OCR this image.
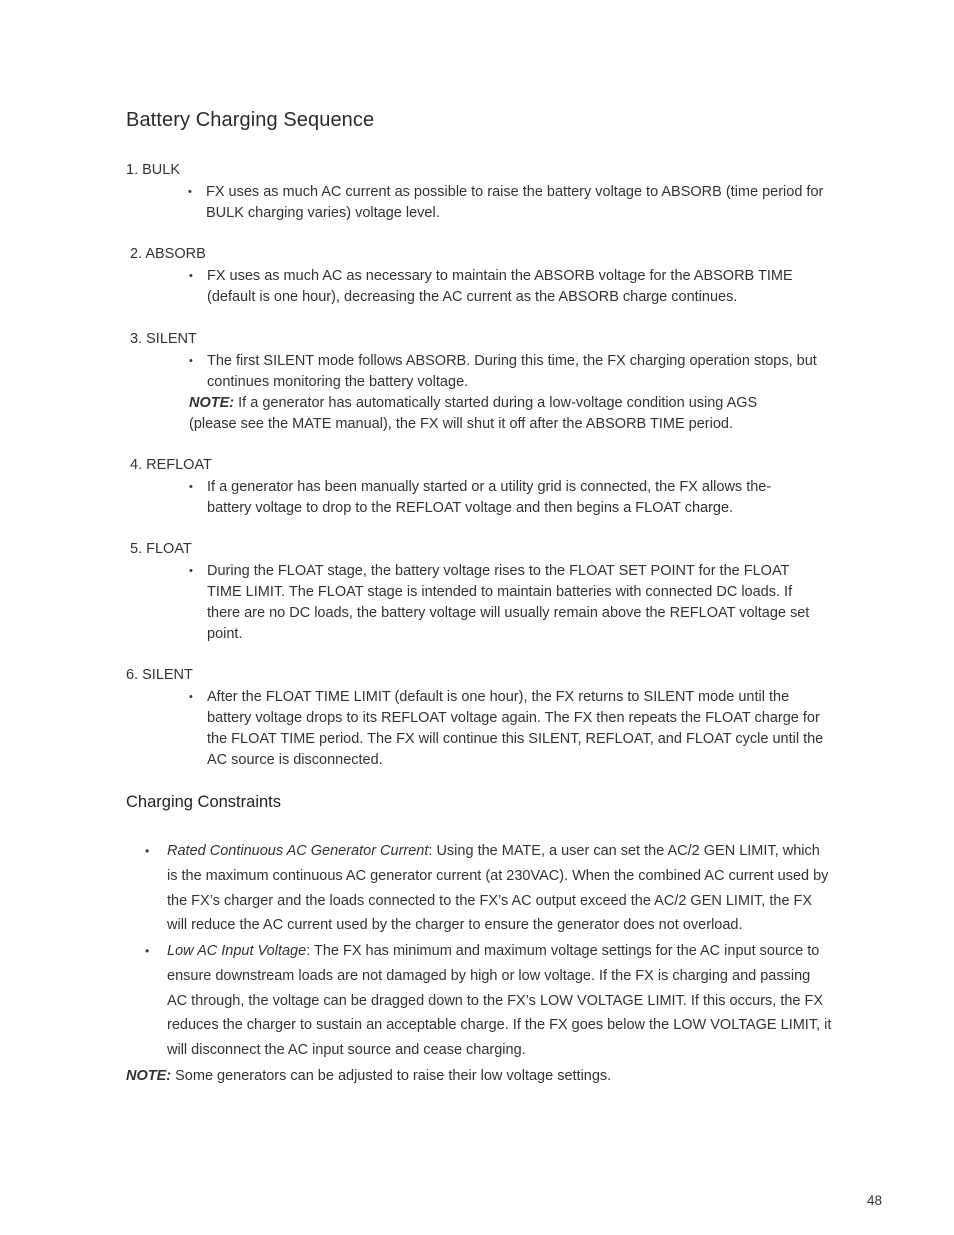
Battery Charging Sequence
1. BULK
• FX uses as much AC current as possible to raise the battery voltage to ABSORB (time period for BULK charging varies) voltage level.
2. ABSORB
• FX uses as much AC as necessary to maintain the ABSORB voltage for the ABSORB TIME (default is one hour), decreasing the AC current as the ABSORB charge continues.
3. SILENT
• The first SILENT mode follows ABSORB. During this time, the FX charging operation stops, but continues monitoring the battery voltage.
NOTE: If a generator has automatically started during a low-voltage condition using AGS (please see the MATE manual), the FX will shut it off after the ABSORB TIME period.
4. REFLOAT
• If a generator has been manually started or a utility grid is connected, the FX allows the-battery voltage to drop to the REFLOAT voltage and then begins a FLOAT charge.
5. FLOAT
• During the FLOAT stage, the battery voltage rises to the FLOAT SET POINT for the FLOAT TIME LIMIT. The FLOAT stage is intended to maintain batteries with connected DC loads. If there are no DC loads, the battery voltage will usually remain above the REFLOAT voltage set point.
6. SILENT
• After the FLOAT TIME LIMIT (default is one hour), the FX returns to SILENT mode until the battery voltage drops to its REFLOAT voltage again. The FX then repeats the FLOAT charge for the FLOAT TIME period. The FX will continue this SILENT, REFLOAT, and FLOAT cycle until the AC source is disconnected.
Charging Constraints
• Rated Continuous AC Generator Current: Using the MATE, a user can set the AC/2 GEN LIMIT, which is the maximum continuous AC generator current (at 230VAC). When the combined AC current used by the FX’s charger and the loads connected to the FX’s AC output exceed the AC/2 GEN LIMIT, the FX will reduce the AC current used by the charger to ensure the generator does not overload.
• Low AC Input Voltage: The FX has minimum and maximum voltage settings for the AC input source to ensure downstream loads are not damaged by high or low voltage. If the FX is charging and passing AC through, the voltage can be dragged down to the FX’s LOW VOLTAGE LIMIT. If this occurs, the FX reduces the charger to sustain an acceptable charge. If the FX goes below the LOW VOLTAGE LIMIT, it will disconnect the AC input source and cease charging.
NOTE: Some generators can be adjusted to raise their low voltage settings.
48
